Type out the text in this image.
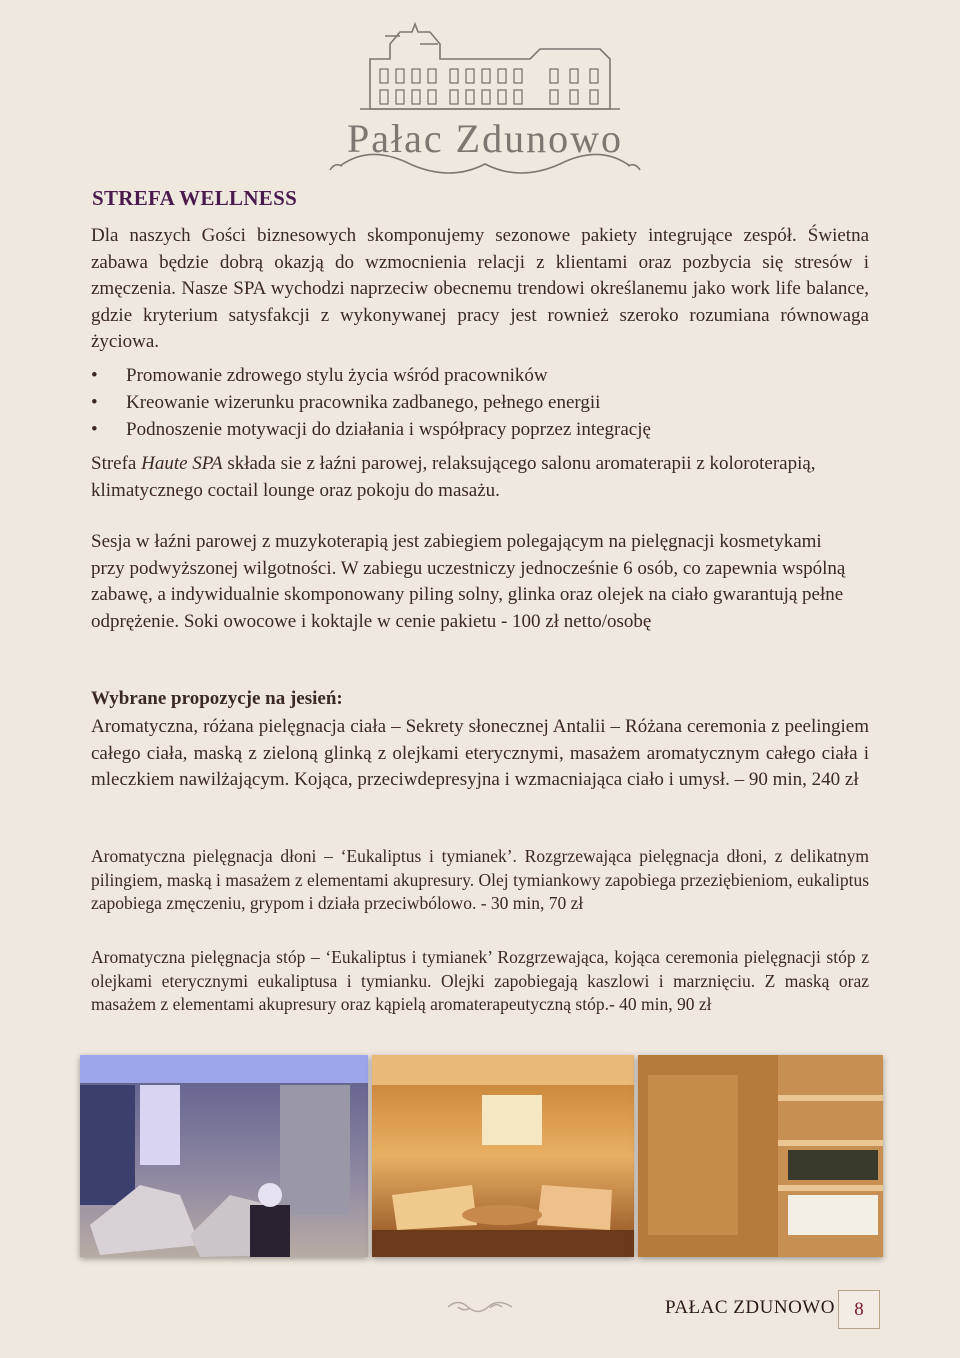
Pałac Zdunowo
STREFA WELLNESS

Dla naszych Gości biznesowych skomponujemy sezonowe pakiety integrujące zespół. Świetna zabawa będzie dobrą okazją do wzmocnienia relacji z klientami oraz pozbycia się stresów i zmęczenia. Nasze SPA wychodzi naprzeciw obecnemu trendowi określanemu jako work life balance, gdzie kryterium satysfakcji z wykonywanej pracy jest rownież szeroko rozumiana równowaga życiowa.

• Promowanie zdrowego stylu życia wśród pracowników
• Kreowanie wizerunku pracownika zadbanego, pełnego energii
• Podnoszenie motywacji do działania i współpracy poprzez integrację

Strefa Haute SPA składa sie z łaźni parowej, relaksującego salonu aromaterapii z koloroterapią, klimatycznego coctail lounge oraz pokoju do masażu.

Sesja w łaźni parowej z muzykoterapią jest zabiegiem polegającym na pielęgnacji kosmetykami przy podwyższonej wilgotności. W zabiegu uczestniczy jednocześnie 6 osób, co zapewnia wspólną zabawę, a indywidualnie skomponowany piling solny, glinka oraz olejek na ciało gwarantują pełne odprężenie. Soki owocowe i koktajle w cenie pakietu - 100 zł netto/osobę

Wybrane propozycje na jesień:

Aromatyczna, różana pielęgnacja ciała – Sekrety słonecznej Antalii – Różana ceremonia z peelingiem całego ciała, maską z zieloną glinką z olejkami eterycznymi, masażem aromatycznym całego ciała i mleczkiem nawilżającym. Kojąca, przeciwdepresyjna i wzmacniająca ciało i umysł. – 90 min, 240 zł

Aromatyczna pielęgnacja dłoni – ‘Eukaliptus i tymianek’. Rozgrzewająca pielęgnacja dłoni, z delikatnym pilingiem, maską i masażem z elementami akupresury. Olej tymiankowy zapobiega przeziębieniom, eukaliptus zapobiega zmęczeniu, grypom i działa przeciwbólowo. - 30 min, 70 zł

Aromatyczna pielęgnacja stóp – ‘Eukaliptus i tymianek’ Rozgrzewająca, kojąca ceremonia pielęgnacji stóp z olejkami eterycznymi eukaliptusa i tymianku. Olejki zapobiegają kaszlowi i marznięciu. Z maską oraz masażem z elementami akupresury oraz kąpielą aromaterapeutyczną stóp.- 40 min, 90 zł

PAŁAC ZDUNOWO	8
